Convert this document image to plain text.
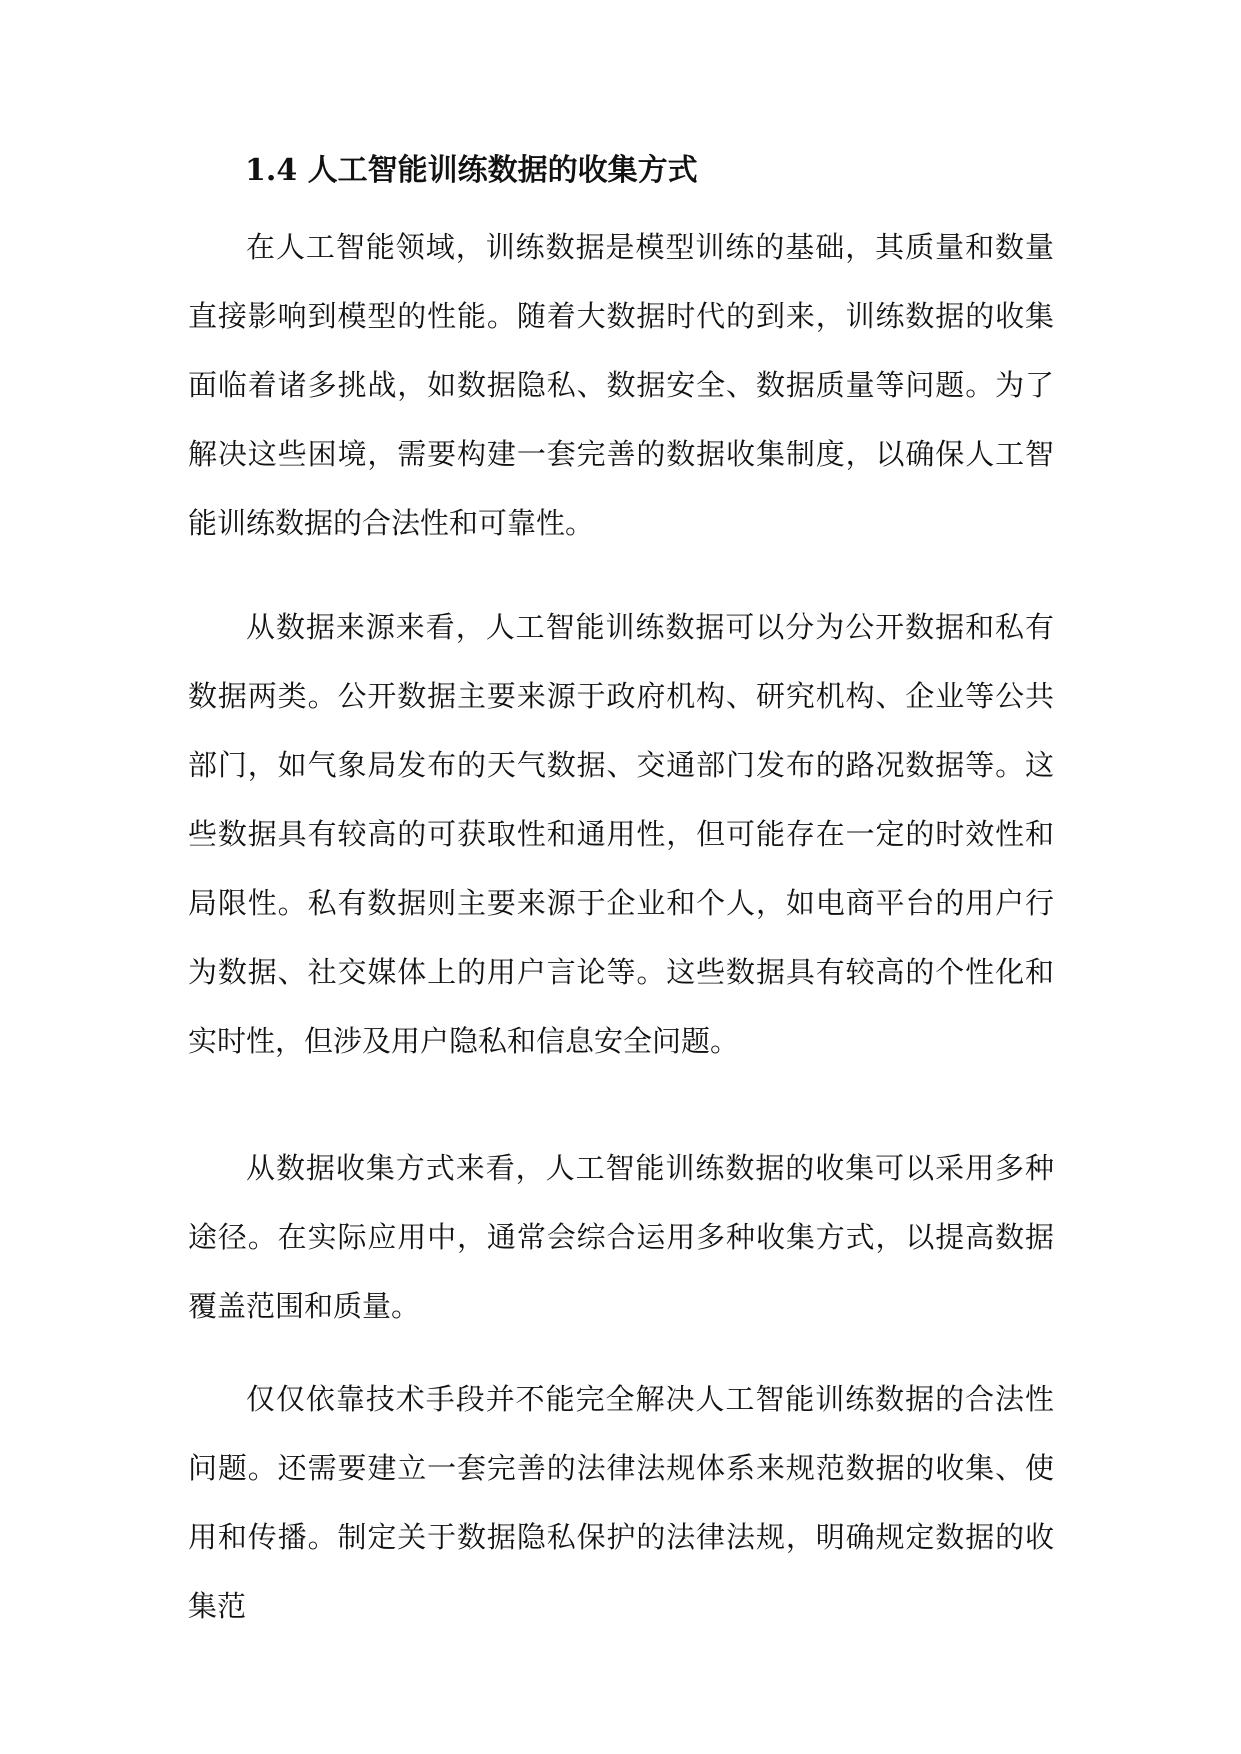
1.4 人工智能训练数据的收集方式

在人工智能领域，训练数据是模型训练的基础，其质量和数量直接影响到模型的性能。随着大数据时代的到来，训练数据的收集面临着诸多挑战，如数据隐私、数据安全、数据质量等问题。为了解决这些困境，需要构建一套完善的数据收集制度，以确保人工智能训练数据的合法性和可靠性。

从数据来源来看，人工智能训练数据可以分为公开数据和私有数据两类。公开数据主要来源于政府机构、研究机构、企业等公共部门，如气象局发布的天气数据、交通部门发布的路况数据等。这些数据具有较高的可获取性和通用性，但可能存在一定的时效性和局限性。私有数据则主要来源于企业和个人，如电商平台的用户行为数据、社交媒体上的用户言论等。这些数据具有较高的个性化和实时性，但涉及用户隐私和信息安全问题。

从数据收集方式来看，人工智能训练数据的收集可以采用多种途径。在实际应用中，通常会综合运用多种收集方式，以提高数据覆盖范围和质量。

仅仅依靠技术手段并不能完全解决人工智能训练数据的合法性问题。还需要建立一套完善的法律法规体系来规范数据的收集、使用和传播。制定关于数据隐私保护的法律法规，明确规定数据的收集范
